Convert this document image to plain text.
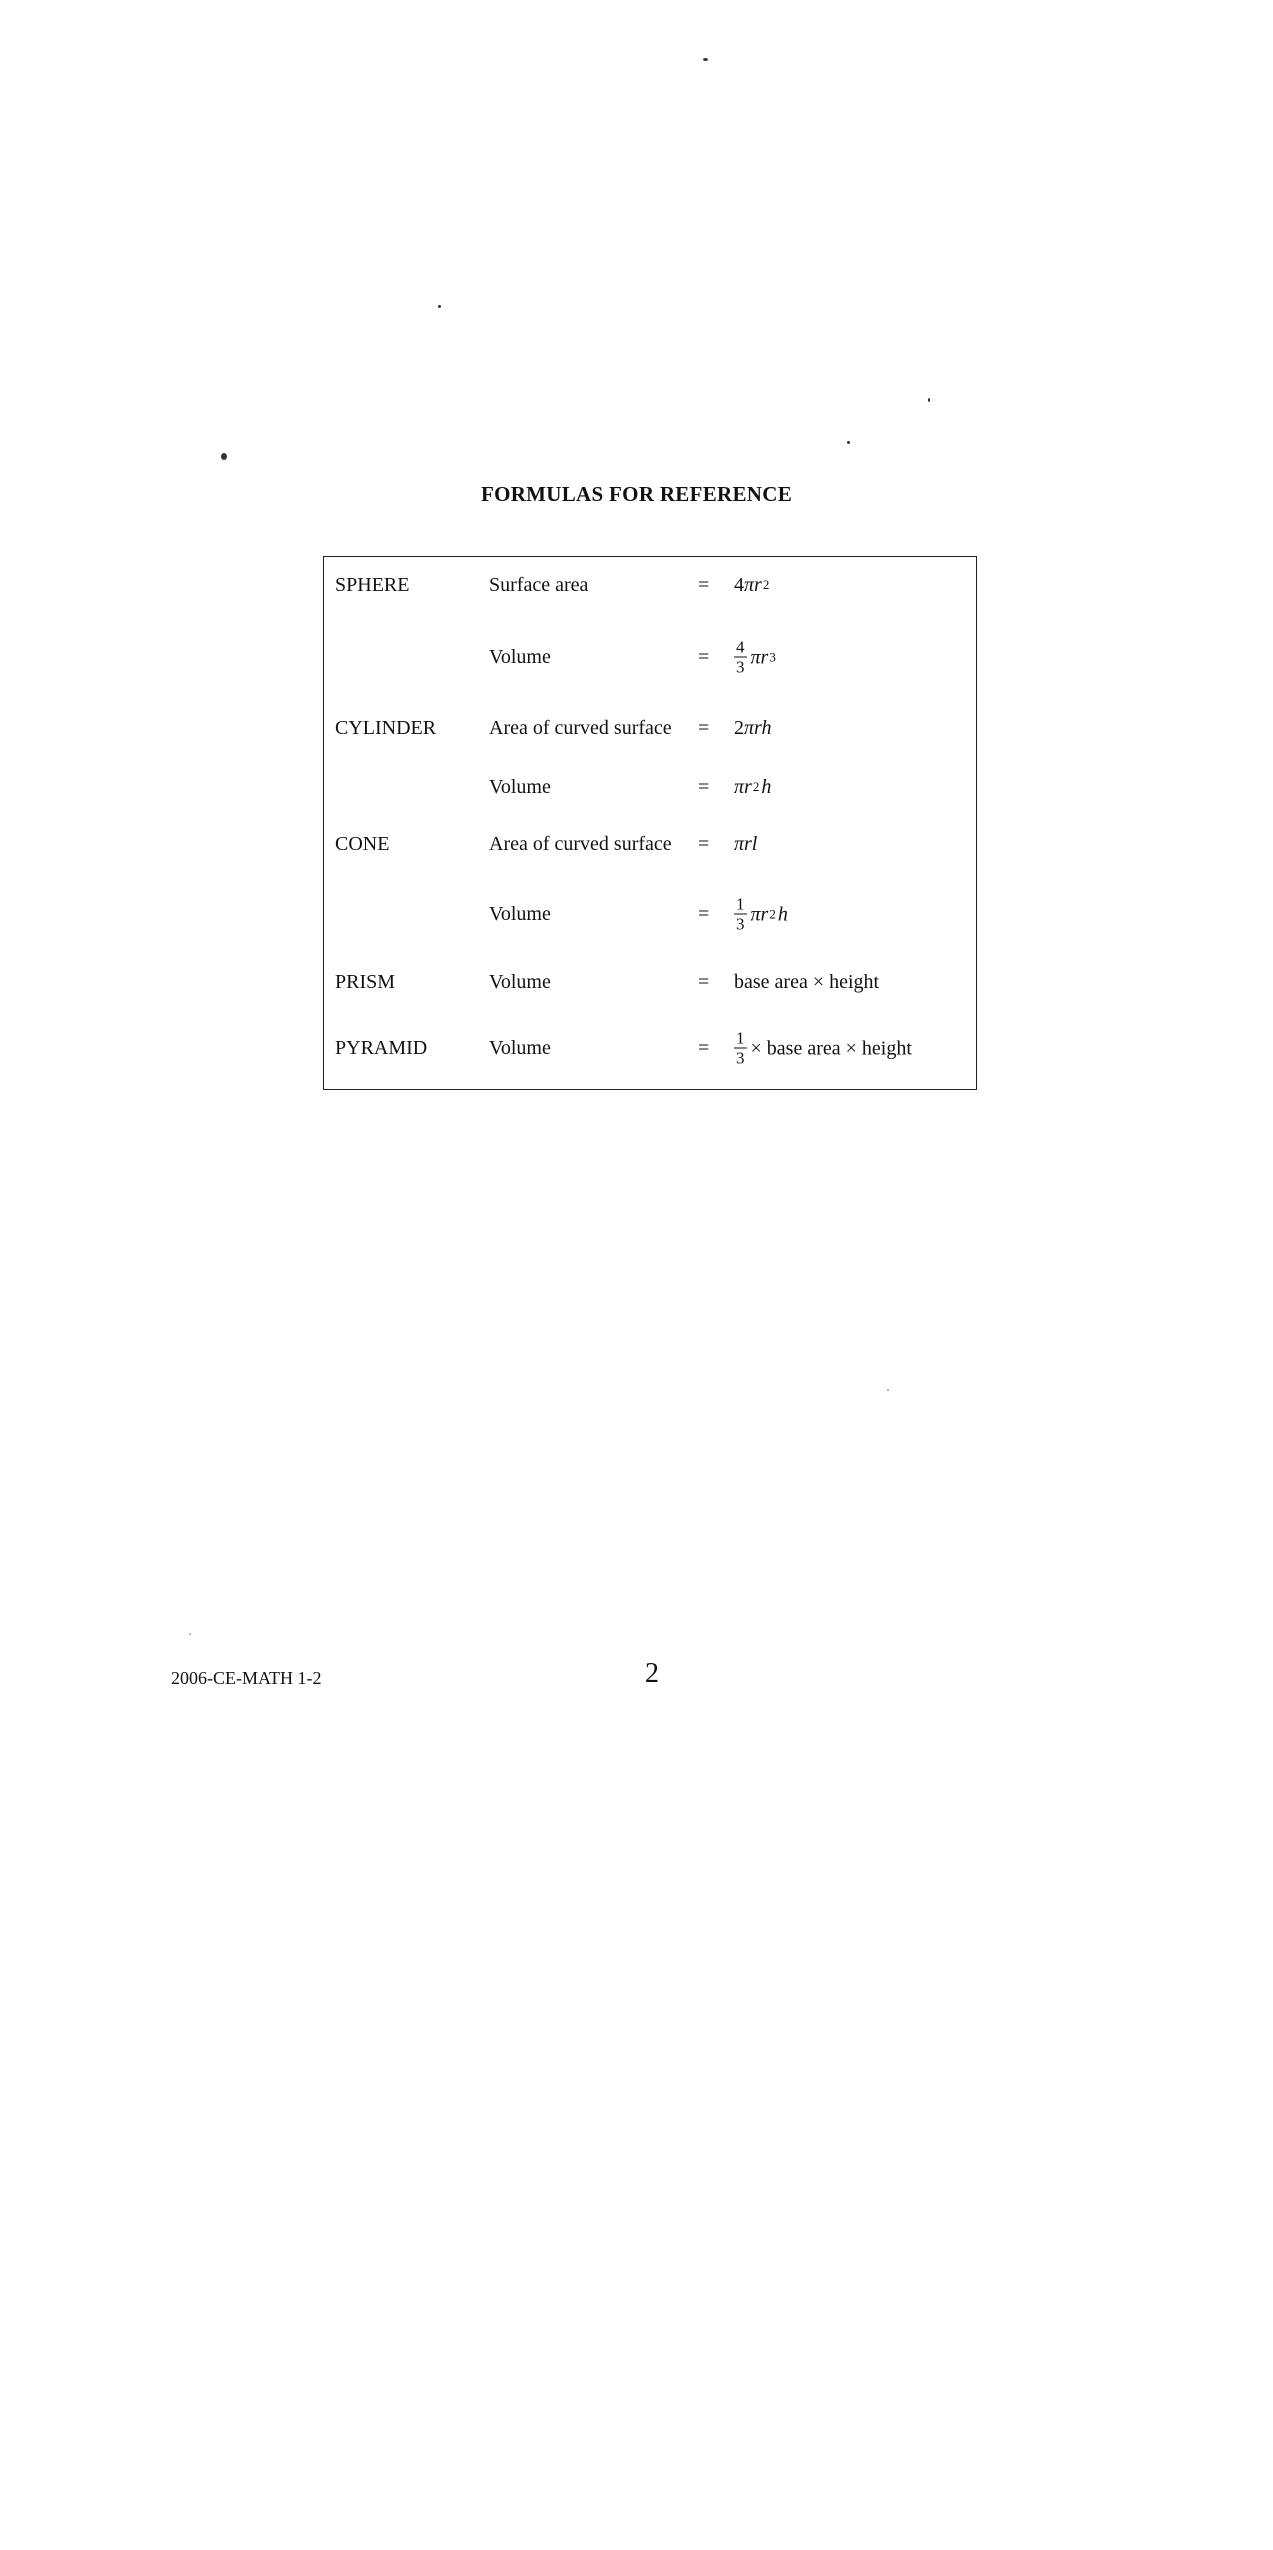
FORMULAS FOR REFERENCE
SPHERE	Surface area	= 4 πr 2
Volume	= $\frac{4}{3}$ πr 3
CYLINDER	Area of curved surface = 2 πrh
Volume	= πr 2 h
CONE	Area of curved surface = πrl
Volume	= $\frac{1}{3}$ πr 2 h
PRISM	Volume	= base area × height
PYRAMID	Volume	= $\frac{1}{3}$ × base area × height
2006-CE-MATH 1-2	2
